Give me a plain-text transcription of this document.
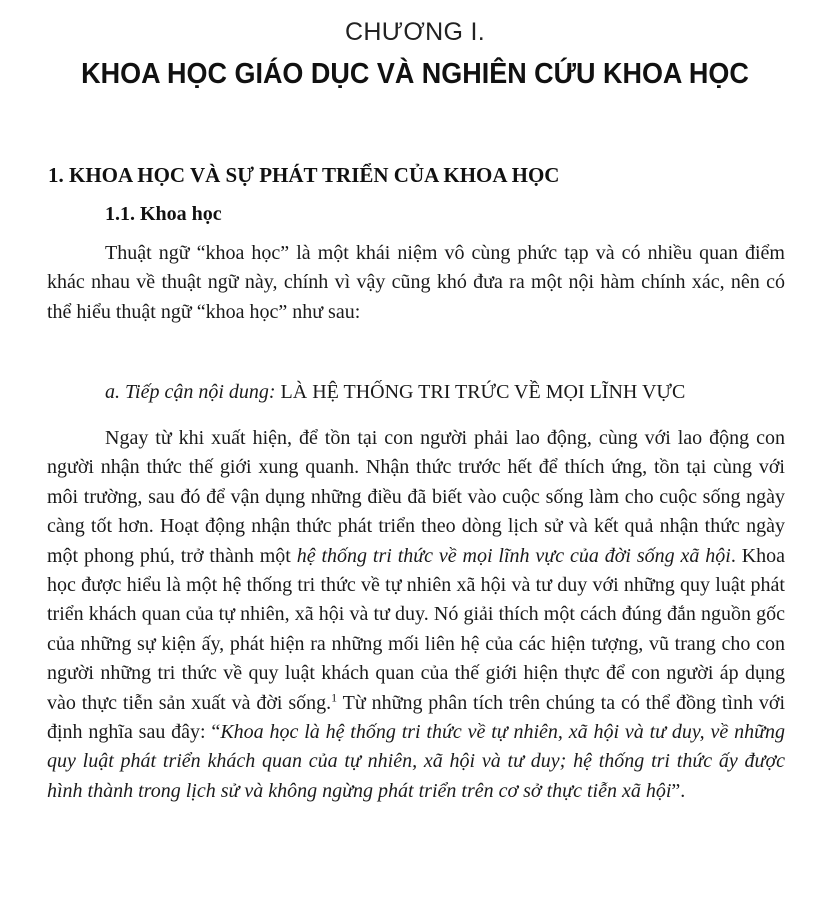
CHƯƠNG I.
KHOA HỌC GIÁO DỤC VÀ NGHIÊN CỨU KHOA HỌC
1. KHOA HỌC VÀ SỰ PHÁT TRIỂN CỦA KHOA HỌC
1.1. Khoa học
Thuật ngữ “khoa học” là một khái niệm vô cùng phức tạp và có nhiều quan điểm khác nhau về thuật ngữ này, chính vì vậy cũng khó đưa ra một nội hàm chính xác, nên có thể hiểu thuật ngữ “khoa học” như sau:
a. Tiếp cận nội dung: LÀ HỆ THỐNG TRI TRỨC VỀ MỌI LĨNH VỰC
Ngay từ khi xuất hiện, để tồn tại con người phải lao động, cùng với lao động con người nhận thức thế giới xung quanh. Nhận thức trước hết để thích ứng, tồn tại cùng với môi trường, sau đó để vận dụng những điều đã biết vào cuộc sống làm cho cuộc sống ngày càng tốt hơn. Hoạt động nhận thức phát triển theo dòng lịch sử và kết quả nhận thức ngày một phong phú, trở thành một hệ thống tri thức về mọi lĩnh vực của đời sống xã hội. Khoa học được hiểu là một hệ thống tri thức về tự nhiên xã hội và tư duy với những quy luật phát triển khách quan của tự nhiên, xã hội và tư duy. Nó giải thích một cách đúng đắn nguồn gốc của những sự kiện ấy, phát hiện ra những mối liên hệ của các hiện tượng, vũ trang cho con người những tri thức về quy luật khách quan của thế giới hiện thực để con người áp dụng vào thực tiễn sản xuất và đời sống.$^1$ Từ những phân tích trên chúng ta có thể đồng tình với định nghĩa sau đây: “Khoa học là hệ thống tri thức về tự nhiên, xã hội và tư duy, về những quy luật phát triển khách quan của tự nhiên, xã hội và tư duy; hệ thống tri thức ấy được hình thành trong lịch sử và không ngừng phát triển trên cơ sở thực tiễn xã hội”.
